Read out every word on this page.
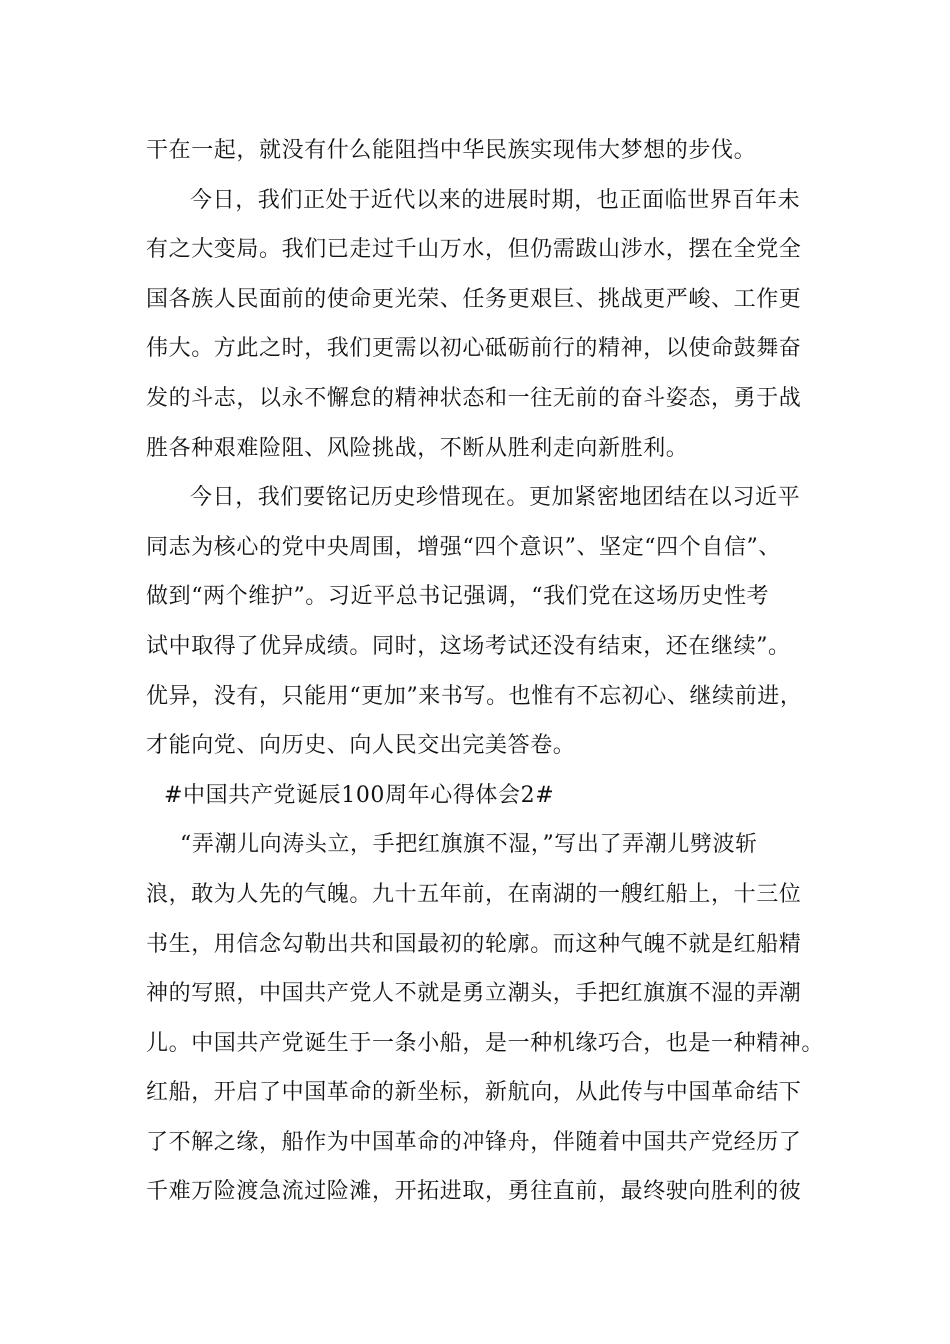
干在一起，就没有什么能阻挡中华民族实现伟大梦想的步伐。
今日，我们正处于近代以来的进展时期，也正面临世界百年未
有之大变局。我们已走过千山万水，但仍需跋山涉水，摆在全党全
国各族人民面前的使命更光荣、任务更艰巨、挑战更严峻、工作更
伟大。方此之时，我们更需以初心砥砺前行的精神，以使命鼓舞奋
发的斗志，以永不懈怠的精神状态和一往无前的奋斗姿态，勇于战
胜各种艰难险阻、风险挑战，不断从胜利走向新胜利。
今日，我们要铭记历史珍惜现在。更加紧密地团结在以习近平
同志为核心的党中央周围，增强“四个意识”、坚定“四个自信”、
做到“两个维护”。习近平总书记强调，“我们党在这场历史性考
试中取得了优异成绩。同时，这场考试还没有结束，还在继续”。
优异，没有，只能用“更加”来书写。也惟有不忘初心、继续前进，
才能向党、向历史、向人民交出完美答卷。
#中国共产党诞辰100周年心得体会2#
“弄潮儿向涛头立，手把红旗旗不湿，”写出了弄潮儿劈波斩
浪，敢为人先的气魄。九十五年前，在南湖的一艘红船上，十三位
书生，用信念勾勒出共和国最初的轮廓。而这种气魄不就是红船精
神的写照，中国共产党人不就是勇立潮头，手把红旗旗不湿的弄潮
儿。中国共产党诞生于一条小船，是一种机缘巧合，也是一种精神。
红船，开启了中国革命的新坐标，新航向，从此传与中国革命结下
了不解之缘，船作为中国革命的冲锋舟，伴随着中国共产党经历了
千难万险渡急流过险滩，开拓进取，勇往直前，最终驶向胜利的彼
